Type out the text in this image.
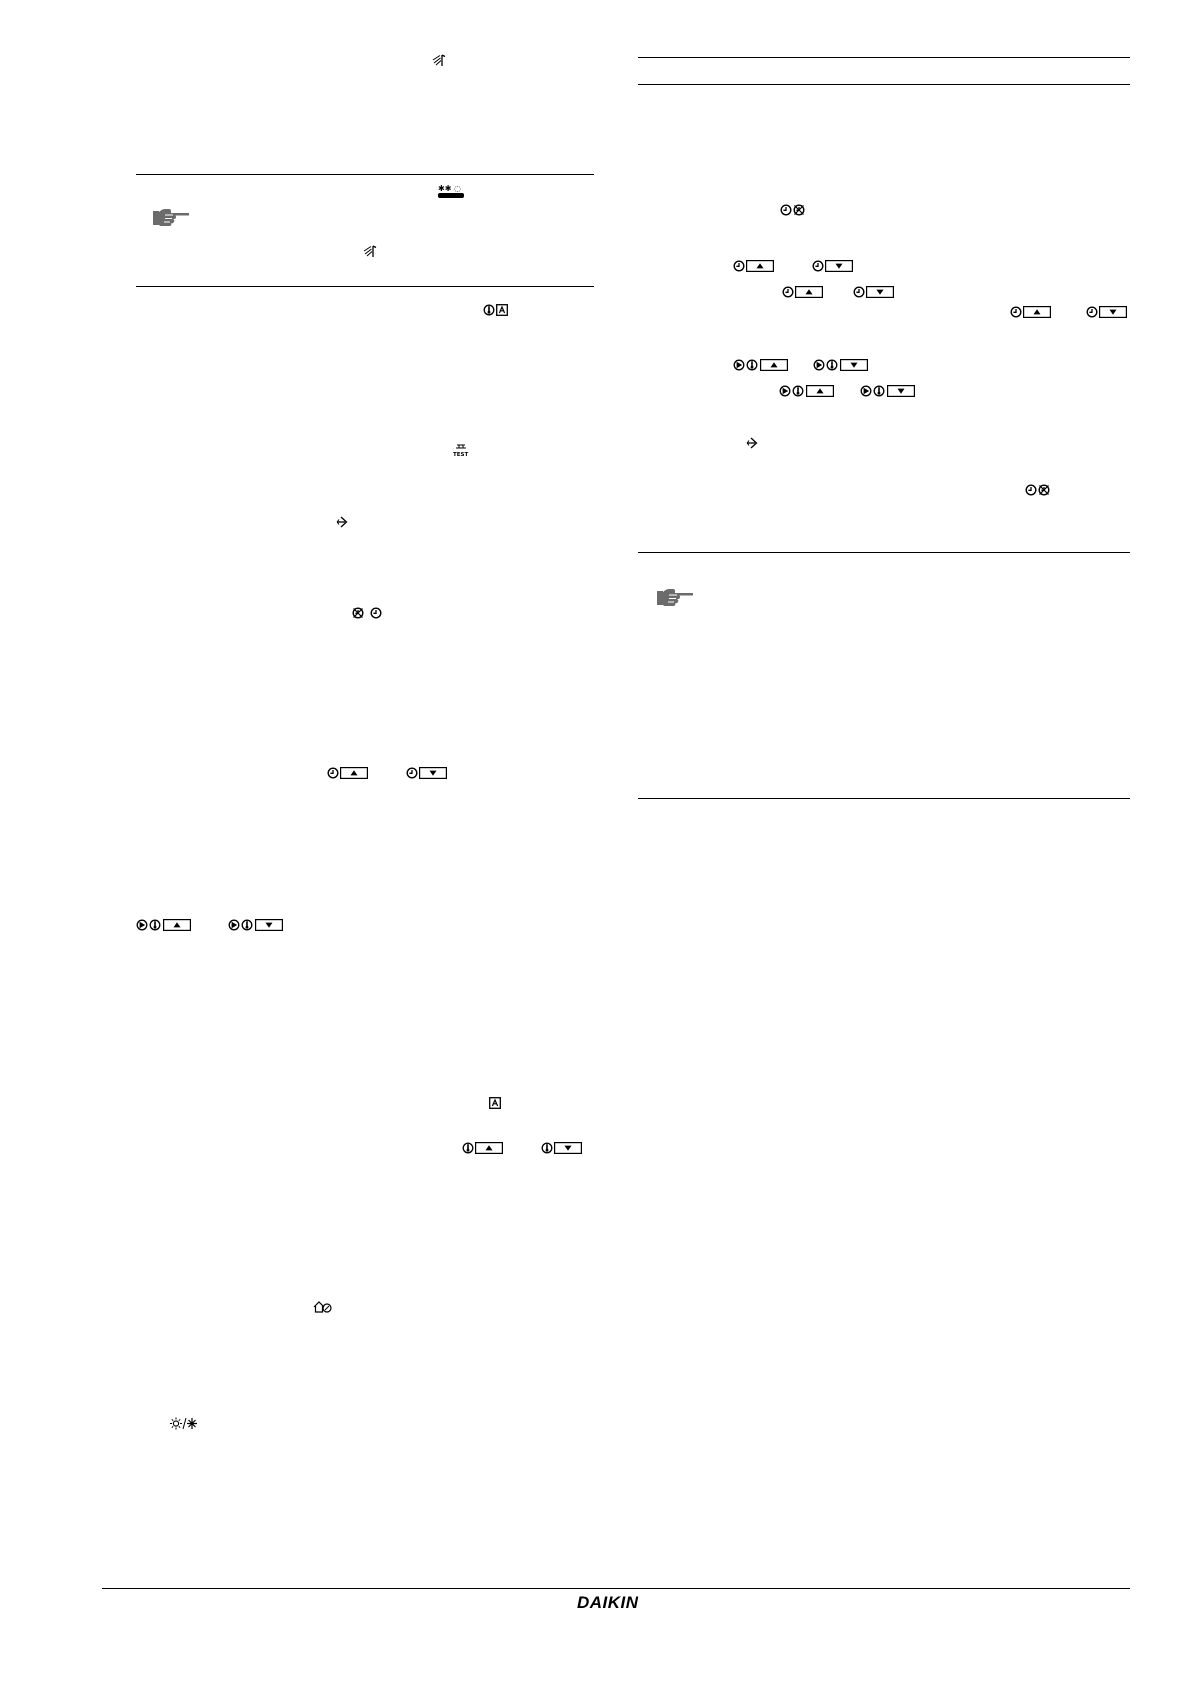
✱✱ ◌
TEST
DAIKIN
